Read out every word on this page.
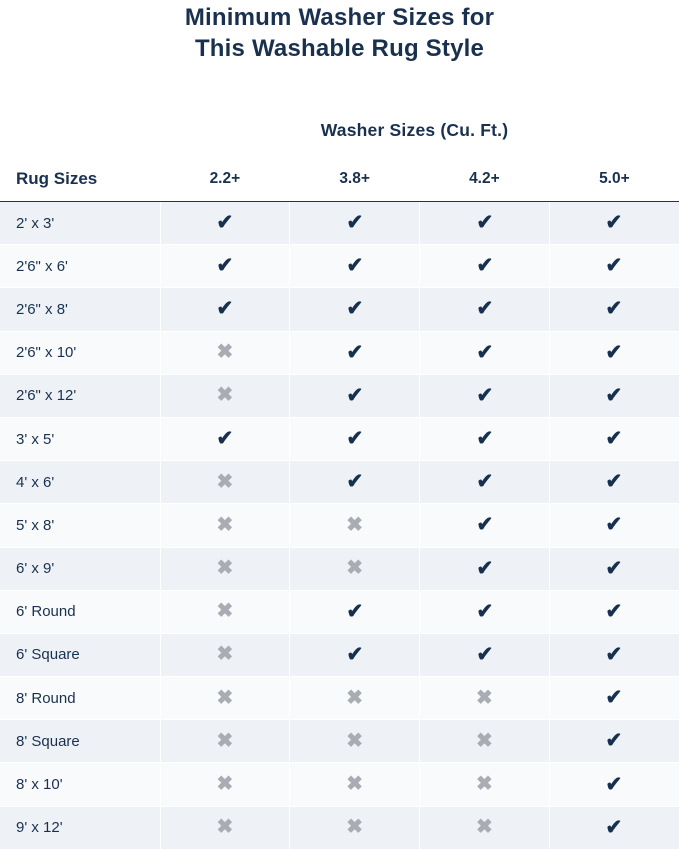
Minimum Washer Sizes for
This Washable Rug Style
Washer Sizes (Cu. Ft.)
Rug Sizes	2.2+	3.8+	4.2+	5.0+
2' x 3'	✔	✔	✔	✔
2'6" x 6'	✔	✔	✔	✔
2'6" x 8'	✔	✔	✔	✔
2'6" x 10'	✖	✔	✔	✔
2'6" x 12'	✖	✔	✔	✔
3' x 5'	✔	✔	✔	✔
4' x 6'	✖	✔	✔	✔
5' x 8'	✖	✖	✔	✔
6' x 9'	✖	✖	✔	✔
6' Round	✖	✔	✔	✔
6' Square	✖	✔	✔	✔
8' Round	✖	✖	✖	✔
8' Square	✖	✖	✖	✔
8' x 10'	✖	✖	✖	✔
9' x 12'	✖	✖	✖	✔
